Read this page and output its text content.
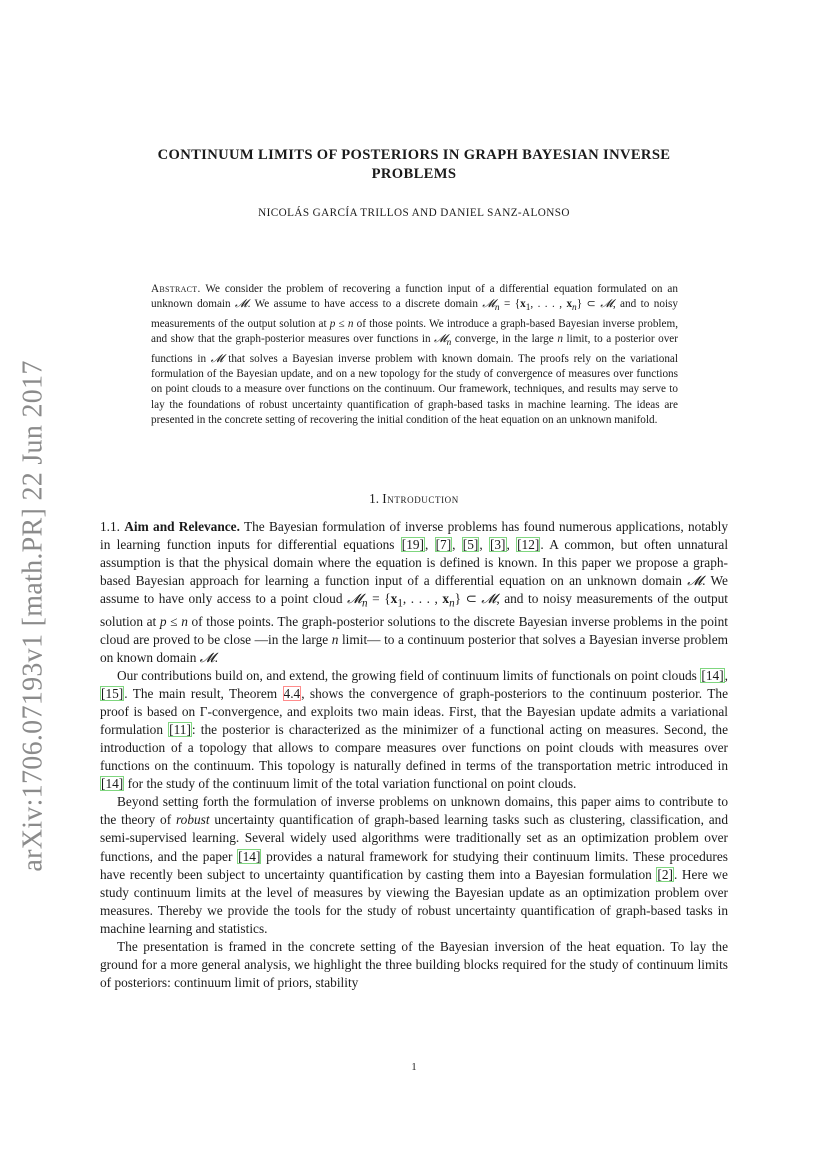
arXiv:1706.07193v1 [math.PR] 22 Jun 2017
CONTINUUM LIMITS OF POSTERIORS IN GRAPH BAYESIAN INVERSE
PROBLEMS
NICOLÁS GARCÍA TRILLOS AND DANIEL SANZ-ALONSO
Abstract. We consider the problem of recovering a function input of a differential equation formulated on an unknown domain 𝓜. We assume to have access to a discrete domain 𝓜$_n$ = {$x_1$, . . . , $x_n$} ⊂ 𝓜, and to noisy measurements of the output solution at p ≤ n of those points. We introduce a graph-based Bayesian inverse problem, and show that the graph-posterior measures over functions in 𝓜$_n$ converge, in the large n limit, to a posterior over functions in 𝓜 that solves a Bayesian inverse problem with known domain. The proofs rely on the variational formulation of the Bayesian update, and on a new topology for the study of convergence of measures over functions on point clouds to a measure over functions on the continuum. Our framework, techniques, and results may serve to lay the foundations of robust uncertainty quantification of graph-based tasks in machine learning. The ideas are presented in the concrete setting of recovering the initial condition of the heat equation on an unknown manifold.
1. Introduction

1.1. Aim and Relevance. The Bayesian formulation of inverse problems has found numerous applications, notably in learning function inputs for differential equations [19], [7], [5], [3], [12]. A common, but often unnatural assumption is that the physical domain where the equation is defined is known. In this paper we propose a graph-based Bayesian approach for learning a function input of a differential equation on an unknown domain 𝓜. We assume to have only access to a point cloud 𝓜$_n$ = {$x_1$, . . . , $x_n$} ⊂ 𝓜, and to noisy measurements of the output solution at p ≤ n of those points. The graph-posterior solutions to the discrete Bayesian inverse problems in the point cloud are proved to be close —in the large n limit— to a continuum posterior that solves a Bayesian inverse problem on known domain 𝓜.

Our contributions build on, and extend, the growing field of continuum limits of functionals on point clouds [14], [15]. The main result, Theorem 4.4, shows the convergence of graph-posteriors to the continuum posterior. The proof is based on Γ-convergence, and exploits two main ideas. First, that the Bayesian update admits a variational formulation [11]: the posterior is characterized as the minimizer of a functional acting on measures. Second, the introduction of a topology that allows to compare measures over functions on point clouds with measures over functions on the continuum. This topology is naturally defined in terms of the transportation metric introduced in [14] for the study of the continuum limit of the total variation functional on point clouds.

Beyond setting forth the formulation of inverse problems on unknown domains, this paper aims to contribute to the theory of robust uncertainty quantification of graph-based learning tasks such as clustering, classification, and semi-supervised learning. Several widely used algorithms were traditionally set as an optimization problem over functions, and the paper [14] provides a natural framework for studying their continuum limits. These procedures have recently been subject to uncertainty quantification by casting them into a Bayesian formulation [2]. Here we study continuum limits at the level of measures by viewing the Bayesian update as an optimization problem over measures. Thereby we provide the tools for the study of robust uncertainty quantification of graph-based tasks in machine learning and statistics.

The presentation is framed in the concrete setting of the Bayesian inversion of the heat equation. To lay the ground for a more general analysis, we highlight the three building blocks required for the study of continuum limits of posteriors: continuum limit of priors, stability

1
